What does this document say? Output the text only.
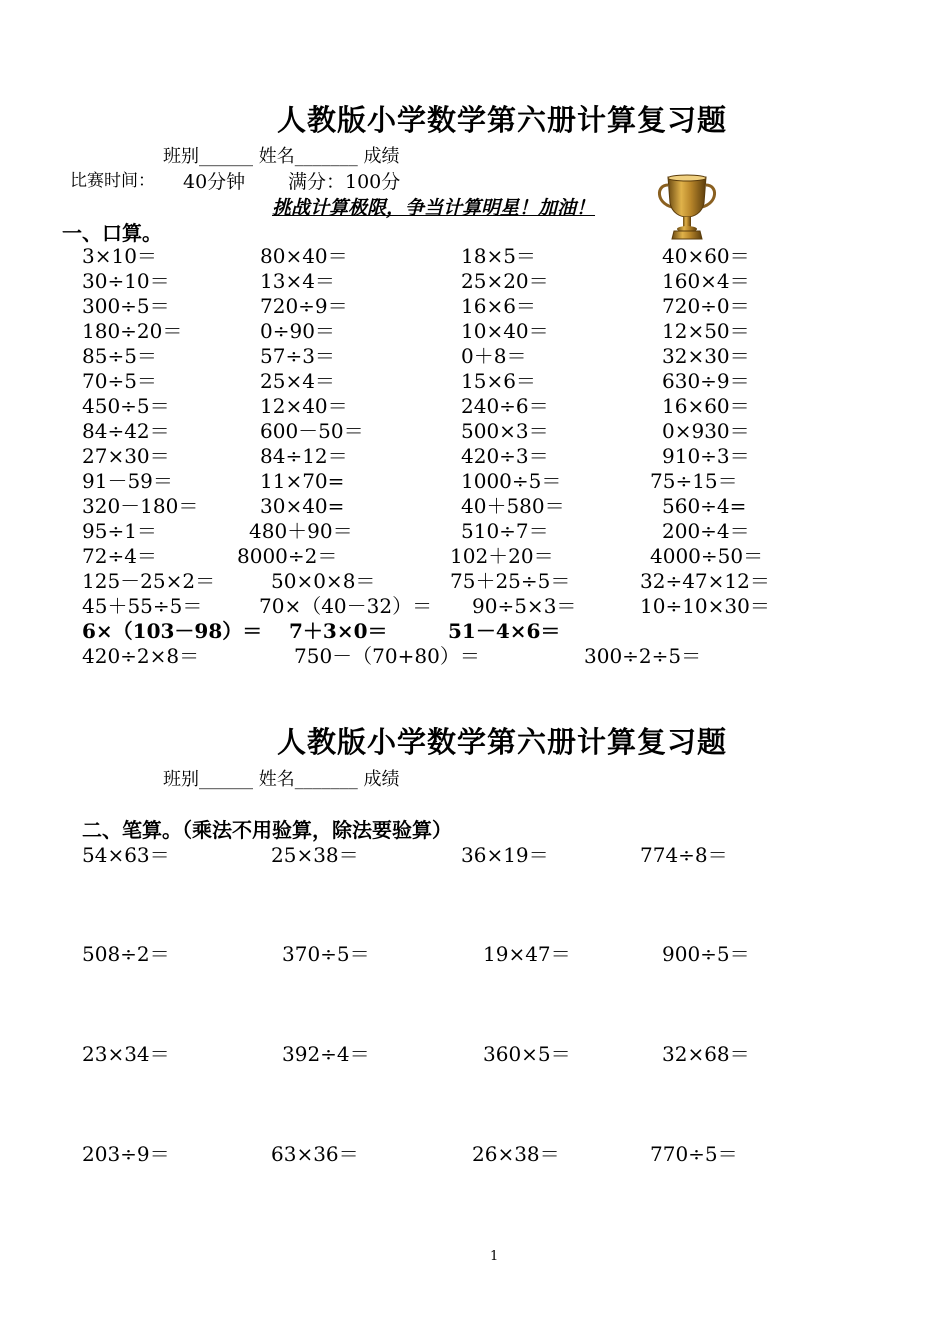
人教版小学数学第六册计算复习题
班别______ 姓名_______ 成绩
比赛时间： 40分钟 满分：100分
挑战计算极限，争当计算明星！加油！
一、口算。
3×10＝	80×40＝	18×5＝	40×60＝
30÷10＝	13×4＝	25×20＝	160×4＝
300÷5＝	720÷9＝	16×6＝	720÷0＝
180÷20＝	0÷90＝	10×40＝	12×50＝
85÷5＝	57÷3＝	0＋8＝	32×30＝
70÷5＝	25×4＝	15×6＝	630÷9＝
450÷5＝	12×40＝	240÷6＝	16×60＝
84÷42＝	600－50＝	500×3＝	0×930＝
27×30＝	84÷12＝	420÷3＝	910÷3＝
91－59＝	11×70=	1000÷5＝	75÷15＝
320－180＝	30×40=	40＋580＝	560÷4=
95÷1＝	480＋90＝	510÷7＝	200÷4＝
72÷4＝	8000÷2＝	102＋20＝	4000÷50＝
125－25×2＝	50×0×8＝	75＋25÷5＝	32÷47×12＝
45＋55÷5＝	70×（40－32）＝ 90÷5×3＝	10÷10×30＝
6×（103－98）＝ 7＋3×0＝	51－4×6＝
420÷2×8＝	750－（70+80）＝	300÷2÷5＝
人教版小学数学第六册计算复习题
班别______ 姓名_______ 成绩
二、笔算。（乘法不用验算，除法要验算）
54×63＝	25×38＝	36×19＝	774÷8＝
508÷2＝	370÷5＝	19×47＝	900÷5＝
23×34＝	392÷4＝	360×5＝	32×68＝
203÷9＝	63×36＝	26×38＝	770÷5＝
1
